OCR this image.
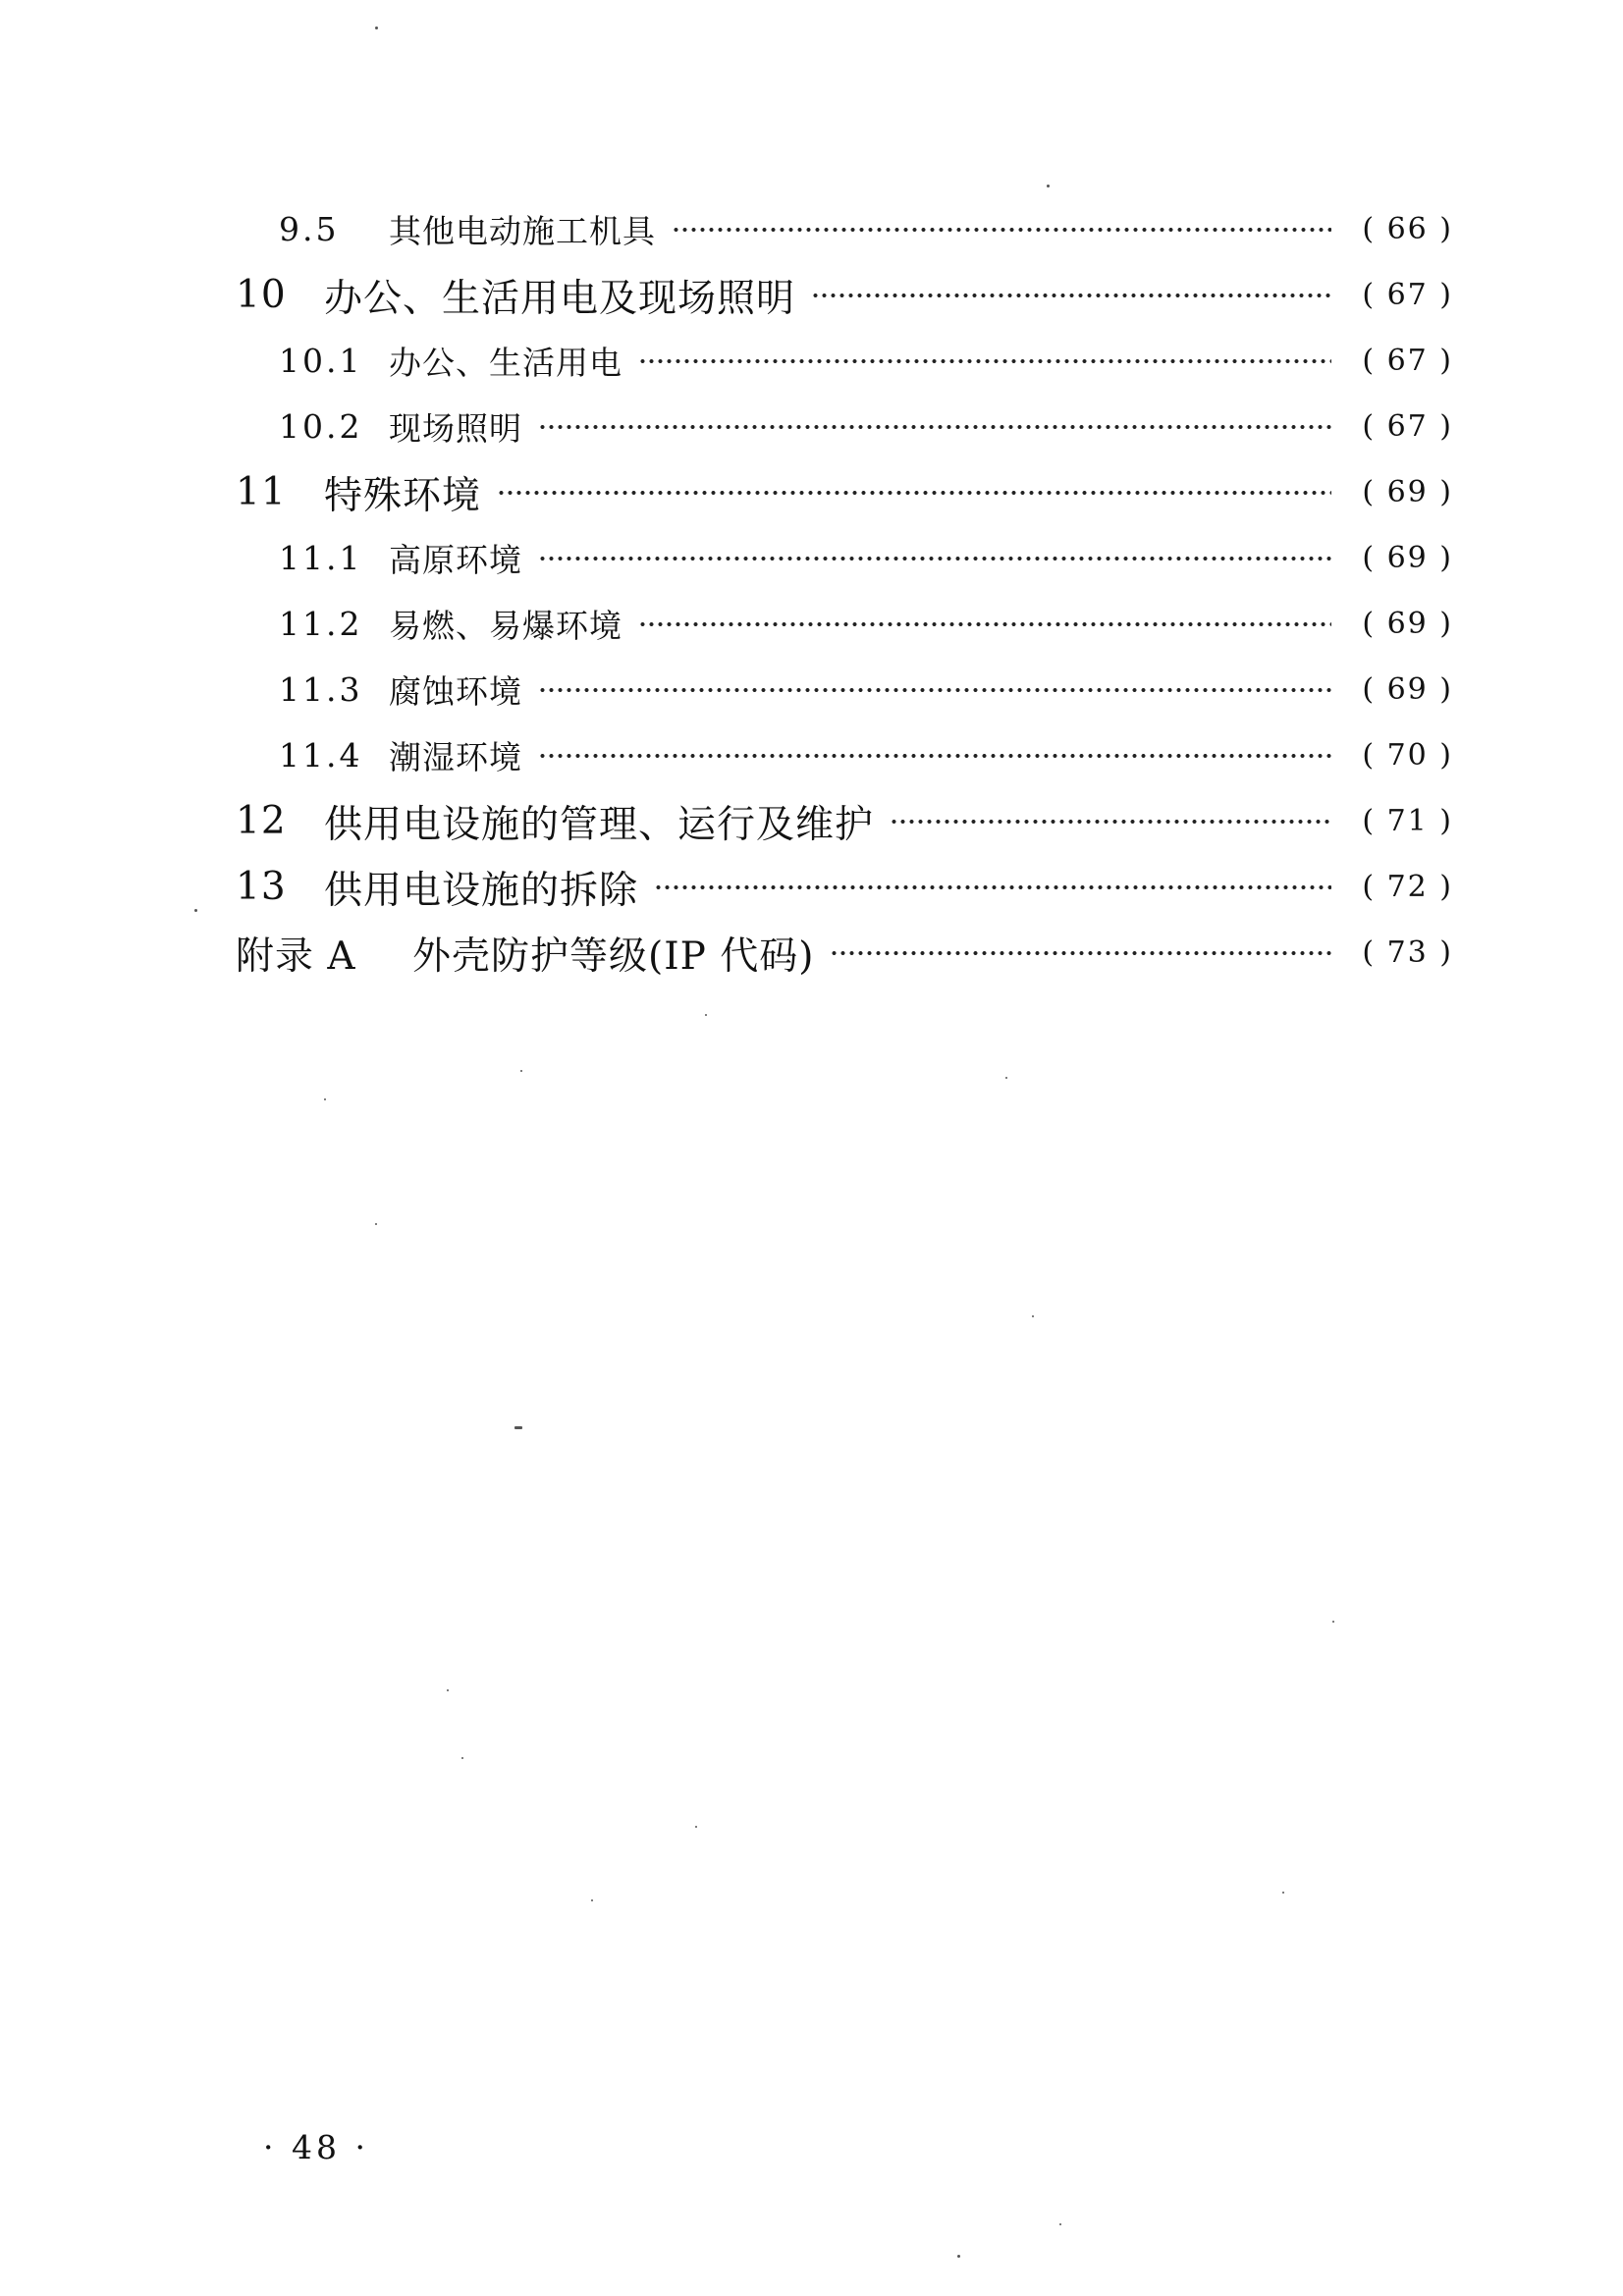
9.5	其他电动施工机具	( 66 )
10 办公、生活用电及现场照明	( 67 )
10.1 办公、生活用电	( 67 )
10.2 现场照明	( 67 )
11 特殊环境	( 69 )
11.1 高原环境	( 69 )
11.2 易燃、易爆环境	( 69 )
11.3 腐蚀环境	( 69 )
11.4 潮湿环境	( 70 )
12 供用电设施的管理、运行及维护	( 71 )
13 供用电设施的拆除	( 72 )
附录 A	外壳防护等级(IP 代码)	( 73 )
· 48 ·
